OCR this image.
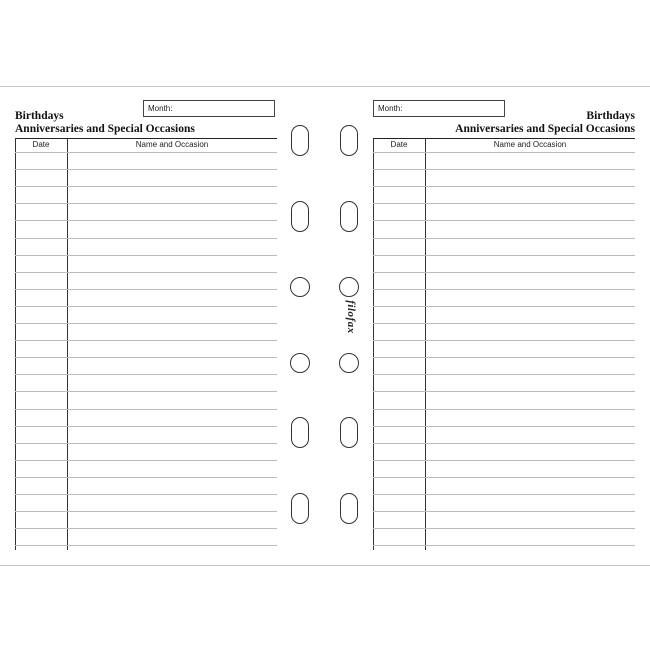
Month:
Birthdays
Anniversaries and Special Occasions
Date	Name and Occasion
Month:
Birthdays
Anniversaries and Special Occasions
Date	Name and Occasion
filofax
